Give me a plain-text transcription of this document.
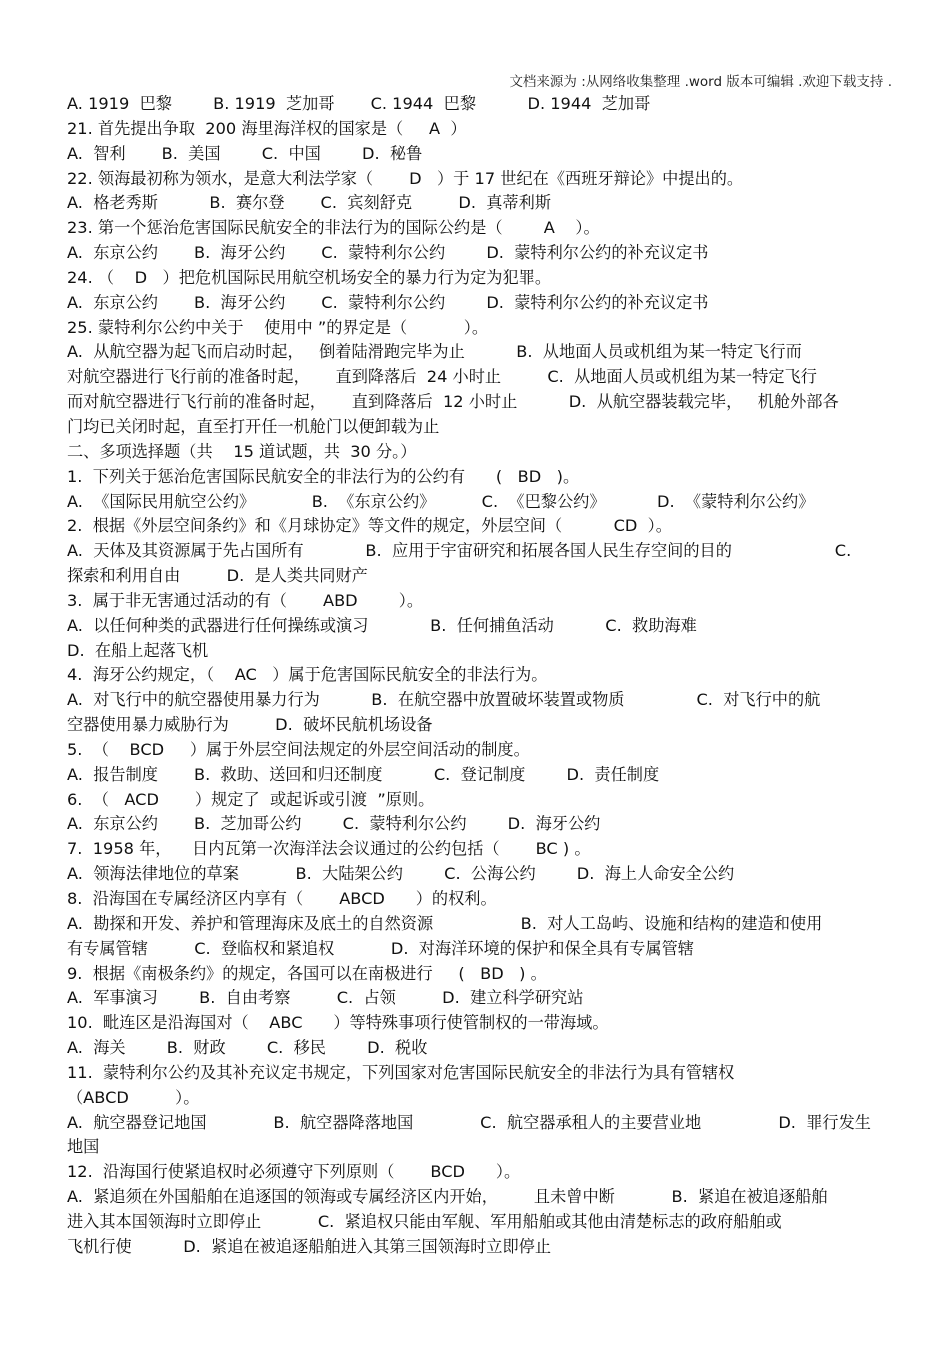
文档来源为 :从网络收集整理 .word 版本可编辑 .欢迎下载支持 .
A. 1919  巴黎        B. 1919  芝加哥       C. 1944  巴黎          D. 1944  芝加哥
21. 首先提出争取  200 海里海洋权的国家是（     A  ）
A.  智利       B.  美国        C.  中国        D.  秘鲁
22. 领海最初称为领水，是意大利法学家（       D   ）于 17 世纪在《西班牙辩论》中提出的。
A.  格老秀斯          B.  赛尔登       C.  宾刻舒克         D.  真蒂利斯
23. 第一个惩治危害国际民航安全的非法行为的国际公约是（        A    ）。
A.  东京公约       B.  海牙公约       C.  蒙特利尔公约        D.  蒙特利尔公约的补充议定书
24. （    D   ）把危机国际民用航空机场安全的暴力行为定为犯罪。
A.  东京公约       B.  海牙公约       C.  蒙特利尔公约        D.  蒙特利尔公约的补充议定书
25. 蒙特利尔公约中关于    使用中 ”的界定是（           ）。
A.  从航空器为起飞而启动时起，   倒着陆滑跑完毕为止          B.  从地面人员或机组为某一特定飞行而
对航空器进行飞行前的准备时起，     直到降落后  24 小时止         C.  从地面人员或机组为某一特定飞行
而对航空器进行飞行前的准备时起，     直到降落后  12 小时止          D.  从航空器装载完毕，   机舱外部各
门均已关闭时起，直至打开任一机舱门以便卸载为止
二、多项选择题（共    15 道试题，共  30 分。）
1.  下列关于惩治危害国际民航安全的非法行为的公约有      (   BD   )。
A.  《国际民用航空公约》           B.  《东京公约》         C.  《巴黎公约》          D.  《蒙特利尔公约》
2.  根据《外层空间条约》和《月球协定》等文件的规定，外层空间（          CD  ）。
A.  天体及其资源属于先占国所有            B.  应用于宇宙研究和拓展各国人民生存空间的目的                    C.
探索和利用自由         D.  是人类共同财产
3.  属于非无害通过活动的有（       ABD        ）。
A.  以任何种类的武器进行任何操练或演习            B.  任何捕鱼活动          C.  救助海难
D.  在船上起落飞机
4.  海牙公约规定，（    AC   ）属于危害国际民航安全的非法行为。
A.  对飞行中的航空器使用暴力行为          B.  在航空器中放置破坏装置或物质              C.  对飞行中的航
空器使用暴力威胁行为         D.  破坏民航机场设备
5.  （    BCD     ）属于外层空间法规定的外层空间活动的制度。
A.  报告制度       B.  救助、送回和归还制度          C.  登记制度        D.  责任制度
6.  （   ACD       ）规定了  或起诉或引渡  ”原则。
A.  东京公约       B.  芝加哥公约        C.  蒙特利尔公约        D.  海牙公约
7.  1958 年，    日内瓦第一次海洋法会议通过的公约包括（       BC ) 。
A.  领海法律地位的草案           B.  大陆架公约        C.  公海公约        D.  海上人命安全公约
8.  沿海国在专属经济区内享有（       ABCD      ）的权利。
A.  勘探和开发、养护和管理海床及底土的自然资源                 B.  对人工岛屿、设施和结构的建造和使用
有专属管辖         C.  登临权和紧追权           D.  对海洋环境的保护和保全具有专属管辖
9.  根据《南极条约》的规定，各国可以在南极进行     (   BD   ) 。
A.  军事演习        B.  自由考察         C.  占领         D.  建立科学研究站
10.  毗连区是沿海国对（    ABC      ）等特殊事项行使管制权的一带海域。
A.  海关        B.  财政        C.  移民        D.  税收
11.  蒙特利尔公约及其补充议定书规定，下列国家对危害国际民航安全的非法行为具有管辖权
（ABCD         ）。
A.  航空器登记地国             B.  航空器降落地国             C.  航空器承租人的主要营业地               D.  罪行发生
地国
12.  沿海国行使紧追权时必须遵守下列原则（       BCD      ）。
A.  紧追须在外国船舶在追逐国的领海或专属经济区内开始，       且未曾中断           B.  紧追在被追逐船舶
进入其本国领海时立即停止           C.  紧追权只能由军舰、军用船舶或其他由清楚标志的政府船舶或
飞机行使          D.  紧追在被追逐船舶进入其第三国领海时立即停止
